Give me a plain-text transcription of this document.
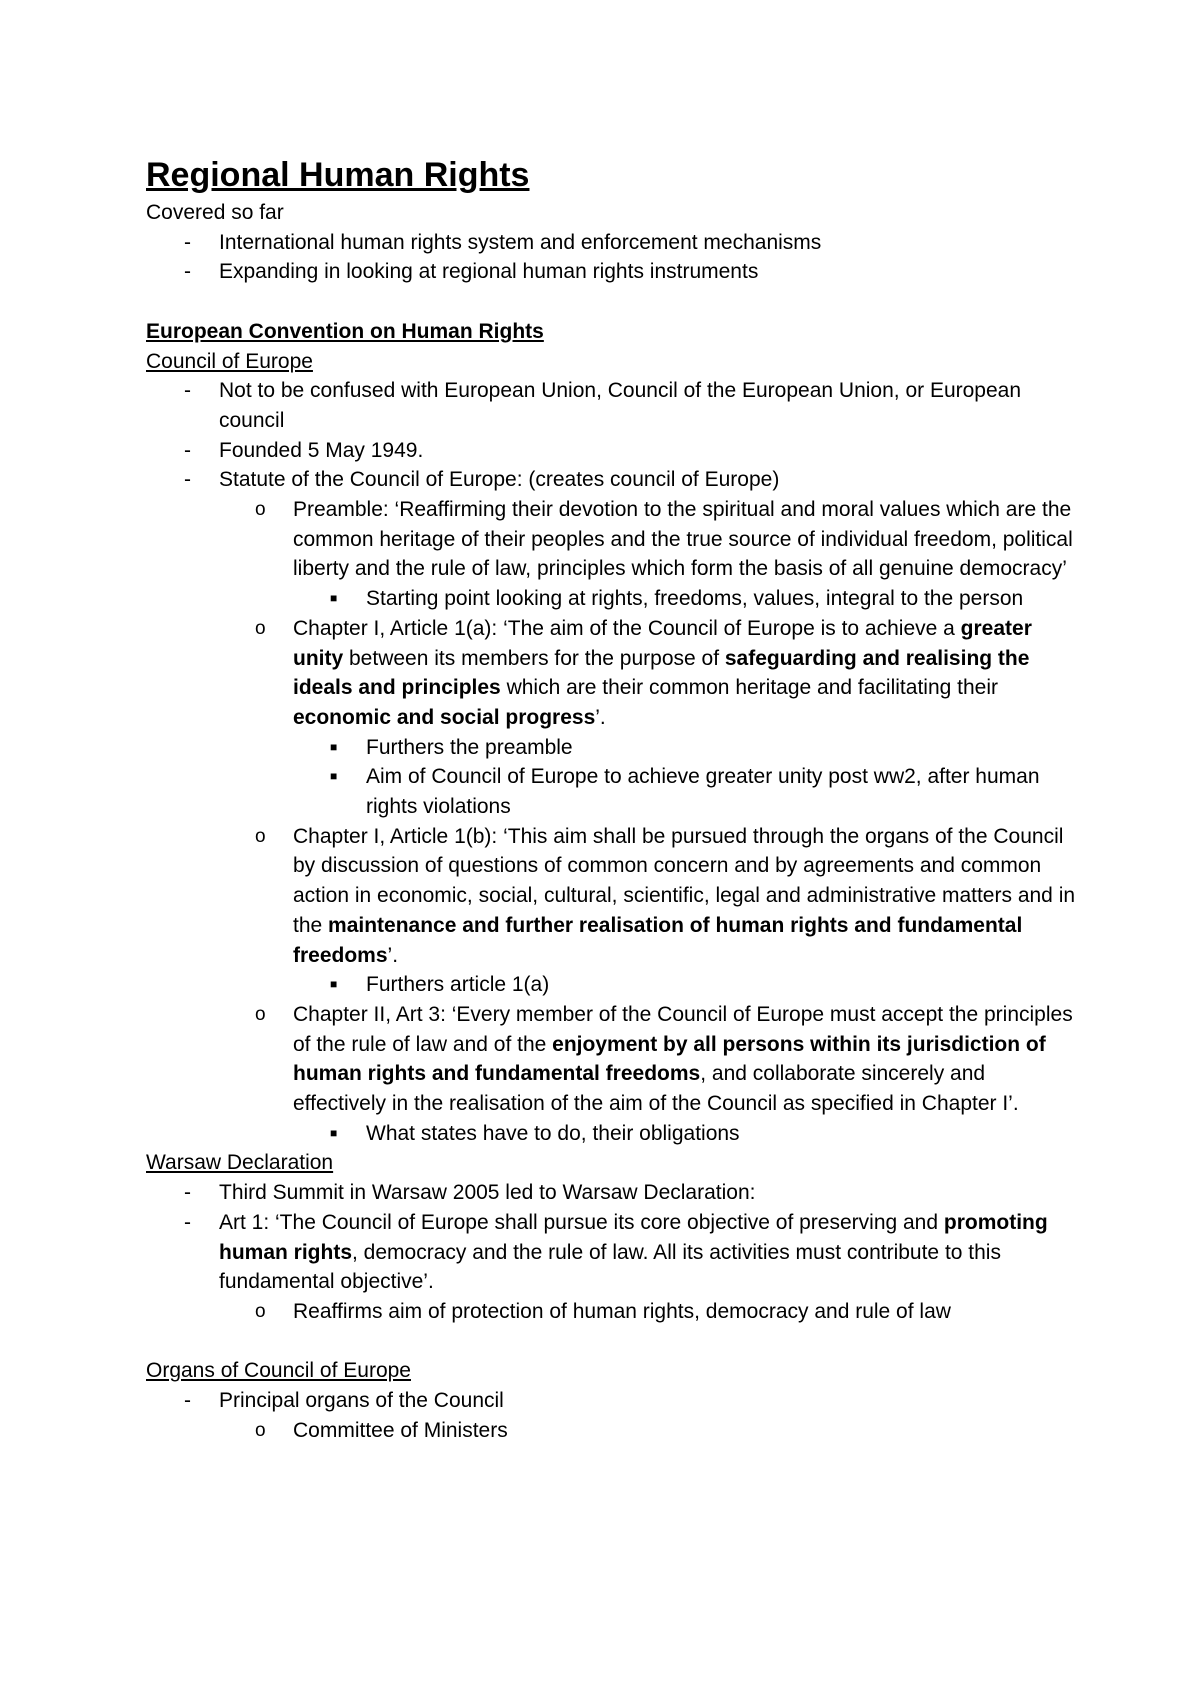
Regional Human Rights

Covered so far

- International human rights system and enforcement mechanisms
- Expanding in looking at regional human rights instruments

European Convention on Human Rights

Council of Europe

- Not to be confused with European Union, Council of the European Union, or European council
- Founded 5 May 1949.
- Statute of the Council of Europe: (creates council of Europe)
o Preamble: ‘Reaffirming their devotion to the spiritual and moral values which are the common heritage of their peoples and the true source of individual freedom, political liberty and the rule of law, principles which form the basis of all genuine democracy’
■ Starting point looking at rights, freedoms, values, integral to the person
o Chapter I, Article 1(a): ‘The aim of the Council of Europe is to achieve a greater unity between its members for the purpose of safeguarding and realising the ideals and principles which are their common heritage and facilitating their economic and social progress’.
■ Furthers the preamble
■ Aim of Council of Europe to achieve greater unity post ww2, after human rights violations
o Chapter I, Article 1(b): ‘This aim shall be pursued through the organs of the Council by discussion of questions of common concern and by agreements and common action in economic, social, cultural, scientific, legal and administrative matters and in the maintenance and further realisation of human rights and fundamental freedoms’.
■ Furthers article 1(a)
o Chapter II, Art 3: ‘Every member of the Council of Europe must accept the principles of the rule of law and of the enjoyment by all persons within its jurisdiction of human rights and fundamental freedoms, and collaborate sincerely and effectively in the realisation of the aim of the Council as specified in Chapter I’.
■ What states have to do, their obligations

Warsaw Declaration

- Third Summit in Warsaw 2005 led to Warsaw Declaration:
- Art 1: ‘The Council of Europe shall pursue its core objective of preserving and promoting human rights, democracy and the rule of law. All its activities must contribute to this fundamental objective’.
o Reaffirms aim of protection of human rights, democracy and rule of law

Organs of Council of Europe

- Principal organs of the Council
o Committee of Ministers
